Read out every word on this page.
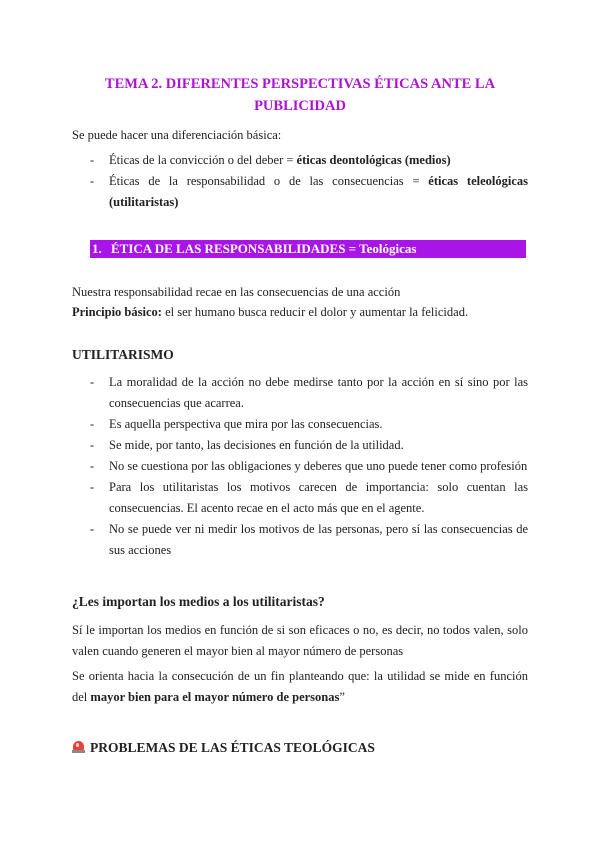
TEMA 2. DIFERENTES PERSPECTIVAS ÉTICAS ANTE LA
PUBLICIDAD
Se puede hacer una diferenciación básica:
- Éticas de la convicción o del deber = éticas deontológicas (medios)
- Éticas de la responsabilidad o de las consecuencias = éticas teleológicas (utilitaristas)
1. ÉTICA DE LAS RESPONSABILIDADES = Teológicas
Nuestra responsabilidad recae en las consecuencias de una acción
Principio básico: el ser humano busca reducir el dolor y aumentar la felicidad.
UTILITARISMO
- La moralidad de la acción no debe medirse tanto por la acción en sí sino por las consecuencias que acarrea.
- Es aquella perspectiva que mira por las consecuencias.
- Se mide, por tanto, las decisiones en función de la utilidad.
- No se cuestiona por las obligaciones y deberes que uno puede tener como profesión
- Para los utilitaristas los motivos carecen de importancia: solo cuentan las consecuencias. El acento recae en el acto más que en el agente.
- No se puede ver ni medir los motivos de las personas, pero sí las consecuencias de sus acciones
¿Les importan los medios a los utilitaristas?
Sí le importan los medios en función de si son eficaces o no, es decir, no todos valen, solo valen cuando generen el mayor bien al mayor número de personas
Se orienta hacia la consecución de un fin planteando que: la utilidad se mide en función del mayor bien para el mayor número de personas”
PROBLEMAS DE LAS ÉTICAS TEOLÓGICAS
